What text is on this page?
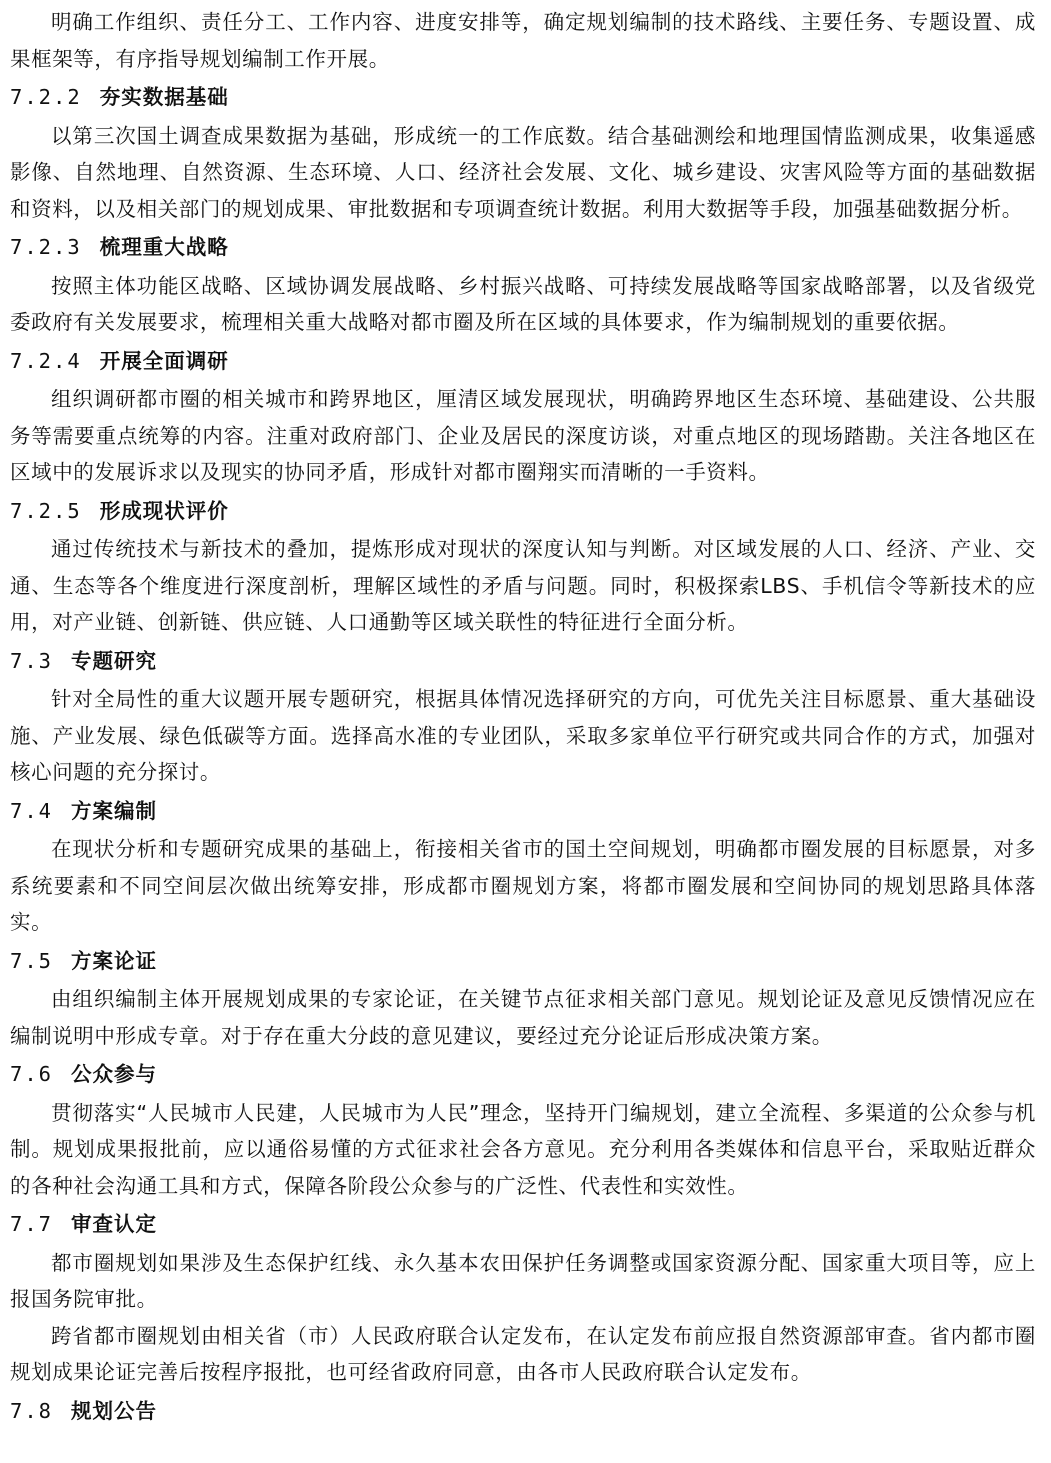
明确工作组织、责任分工、工作内容、进度安排等，确定规划编制的技术路线、主要任务、专题设置、成果框架等，有序指导规划编制工作开展。

7.2.2 夯实数据基础

以第三次国土调查成果数据为基础，形成统一的工作底数。结合基础测绘和地理国情监测成果，收集遥感影像、自然地理、自然资源、生态环境、人口、经济社会发展、文化、城乡建设、灾害风险等方面的基础数据和资料，以及相关部门的规划成果、审批数据和专项调查统计数据。利用大数据等手段，加强基础数据分析。

7.2.3 梳理重大战略

按照主体功能区战略、区域协调发展战略、乡村振兴战略、可持续发展战略等国家战略部署，以及省级党委政府有关发展要求，梳理相关重大战略对都市圈及所在区域的具体要求，作为编制规划的重要依据。

7.2.4 开展全面调研

组织调研都市圈的相关城市和跨界地区，厘清区域发展现状，明确跨界地区生态环境、基础建设、公共服务等需要重点统筹的内容。注重对政府部门、企业及居民的深度访谈，对重点地区的现场踏勘。关注各地区在区域中的发展诉求以及现实的协同矛盾，形成针对都市圈翔实而清晰的一手资料。

7.2.5 形成现状评价

通过传统技术与新技术的叠加，提炼形成对现状的深度认知与判断。对区域发展的人口、经济、产业、交通、生态等各个维度进行深度剖析，理解区域性的矛盾与问题。同时，积极探索LBS、手机信令等新技术的应用，对产业链、创新链、供应链、人口通勤等区域关联性的特征进行全面分析。

7.3 专题研究

针对全局性的重大议题开展专题研究，根据具体情况选择研究的方向，可优先关注目标愿景、重大基础设施、产业发展、绿色低碳等方面。选择高水准的专业团队，采取多家单位平行研究或共同合作的方式，加强对核心问题的充分探讨。

7.4 方案编制

在现状分析和专题研究成果的基础上，衔接相关省市的国土空间规划，明确都市圈发展的目标愿景，对多系统要素和不同空间层次做出统筹安排，形成都市圈规划方案，将都市圈发展和空间协同的规划思路具体落实。

7.5 方案论证

由组织编制主体开展规划成果的专家论证，在关键节点征求相关部门意见。规划论证及意见反馈情况应在编制说明中形成专章。对于存在重大分歧的意见建议，要经过充分论证后形成决策方案。

7.6 公众参与

贯彻落实“人民城市人民建，人民城市为人民”理念，坚持开门编规划，建立全流程、多渠道的公众参与机制。规划成果报批前，应以通俗易懂的方式征求社会各方意见。充分利用各类媒体和信息平台，采取贴近群众的各种社会沟通工具和方式，保障各阶段公众参与的广泛性、代表性和实效性。

7.7 审查认定

都市圈规划如果涉及生态保护红线、永久基本农田保护任务调整或国家资源分配、国家重大项目等，应上报国务院审批。

跨省都市圈规划由相关省（市）人民政府联合认定发布，在认定发布前应报自然资源部审查。省内都市圈规划成果论证完善后按程序报批，也可经省政府同意，由各市人民政府联合认定发布。

7.8 规划公告
